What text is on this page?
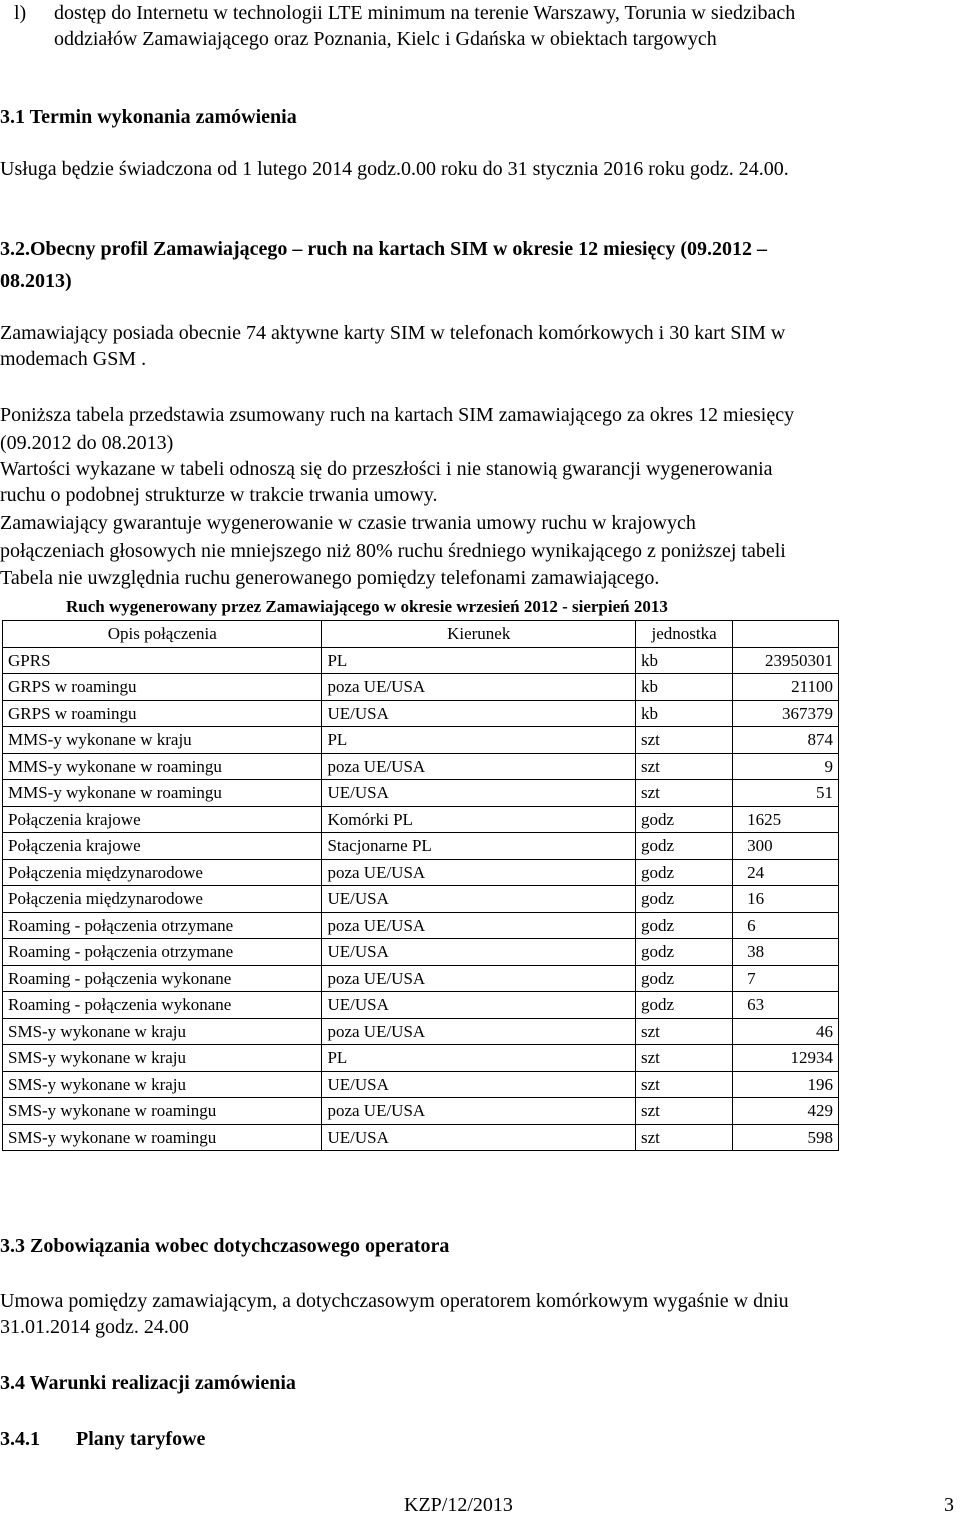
l) dostęp do Internetu w technologii LTE minimum na terenie Warszawy, Torunia w siedzibach
oddziałów Zamawiającego oraz Poznania, Kielc i Gdańska w obiektach targowych
3.1 Termin wykonania zamówienia
Usługa będzie świadczona od 1 lutego 2014 godz.0.00 roku do 31 stycznia 2016 roku godz. 24.00.
3.2.Obecny profil Zamawiającego – ruch na kartach SIM w okresie 12 miesięcy (09.2012 –
08.2013)
Zamawiający posiada obecnie 74 aktywne karty SIM w telefonach komórkowych i 30 kart SIM w
modemach GSM .
Poniższa tabela przedstawia zsumowany ruch na kartach SIM zamawiającego za okres 12 miesięcy
(09.2012 do 08.2013)
Wartości wykazane w tabeli odnoszą się do przeszłości i nie stanowią gwarancji wygenerowania
ruchu o podobnej strukturze w trakcie trwania umowy.
Zamawiający gwarantuje wygenerowanie w czasie trwania umowy ruchu w krajowych
połączeniach głosowych nie mniejszego niż 80% ruchu średniego wynikającego z poniższej tabeli
Tabela nie uwzględnia ruchu generowanego pomiędzy telefonami zamawiającego.
Ruch wygenerowany przez Zamawiającego w okresie wrzesień 2012 - sierpień 2013
Opis połączenia	Kierunek	jednostka	
GPRS	PL	kb	23950301
GRPS w roamingu	poza UE/USA	kb	21100
GRPS w roamingu	UE/USA	kb	367379
MMS-y wykonane w kraju	PL	szt	874
MMS-y wykonane w roamingu	poza UE/USA	szt	9
MMS-y wykonane w roamingu	UE/USA	szt	51
Połączenia krajowe	Komórki PL	godz	1625
Połączenia krajowe	Stacjonarne PL	godz	300
Połączenia międzynarodowe	poza UE/USA	godz	24
Połączenia międzynarodowe	UE/USA	godz	16
Roaming - połączenia otrzymane	poza UE/USA	godz	6
Roaming - połączenia otrzymane	UE/USA	godz	38
Roaming - połączenia wykonane	poza UE/USA	godz	7
Roaming - połączenia wykonane	UE/USA	godz	63
SMS-y wykonane w kraju	poza UE/USA	szt	46
SMS-y wykonane w kraju	PL	szt	12934
SMS-y wykonane w kraju	UE/USA	szt	196
SMS-y wykonane w roamingu	poza UE/USA	szt	429
SMS-y wykonane w roamingu	UE/USA	szt	598
3.3 Zobowiązania wobec dotychczasowego operatora
Umowa pomiędzy zamawiającym, a dotychczasowym operatorem komórkowym wygaśnie w dniu
31.01.2014 godz. 24.00
3.4 Warunki realizacji zamówienia
3.4.1 Plany taryfowe
KZP/12/2013	3
